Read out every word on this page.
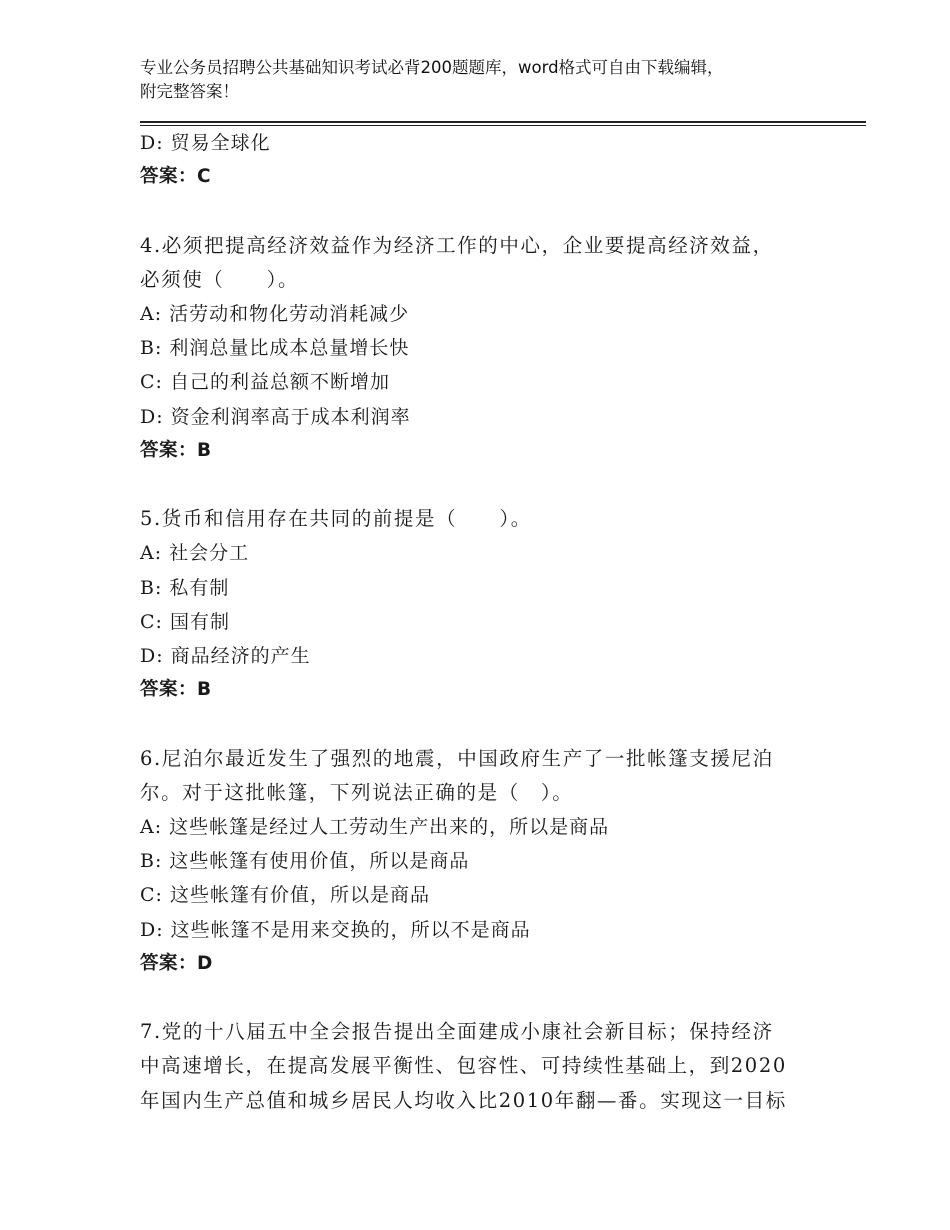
专业公务员招聘公共基础知识考试必背200题题库，word格式可自由下载编辑，
附完整答案！
D: 贸易全球化
答案：C
4.必须把提高经济效益作为经济工作的中心，企业要提高经济效益，
必须使（　　）。
A: 活劳动和物化劳动消耗减少
B: 利润总量比成本总量增长快
C: 自己的利益总额不断增加
D: 资金利润率高于成本利润率
答案：B
5.货币和信用存在共同的前提是（　　）。
A: 社会分工
B: 私有制
C: 国有制
D: 商品经济的产生
答案：B
6.尼泊尔最近发生了强烈的地震，中国政府生产了一批帐篷支援尼泊
尔。对于这批帐篷，下列说法正确的是（　）。
A: 这些帐篷是经过人工劳动生产出来的，所以是商品
B: 这些帐篷有使用价值，所以是商品
C: 这些帐篷有价值，所以是商品
D: 这些帐篷不是用来交换的，所以不是商品
答案：D
7.党的十八届五中全会报告提出全面建成小康社会新目标；保持经济
中高速增长，在提高发展平衡性、包容性、可持续性基础上，到2020
年国内生产总值和城乡居民人均收入比2010年翻—番。实现这一目标
